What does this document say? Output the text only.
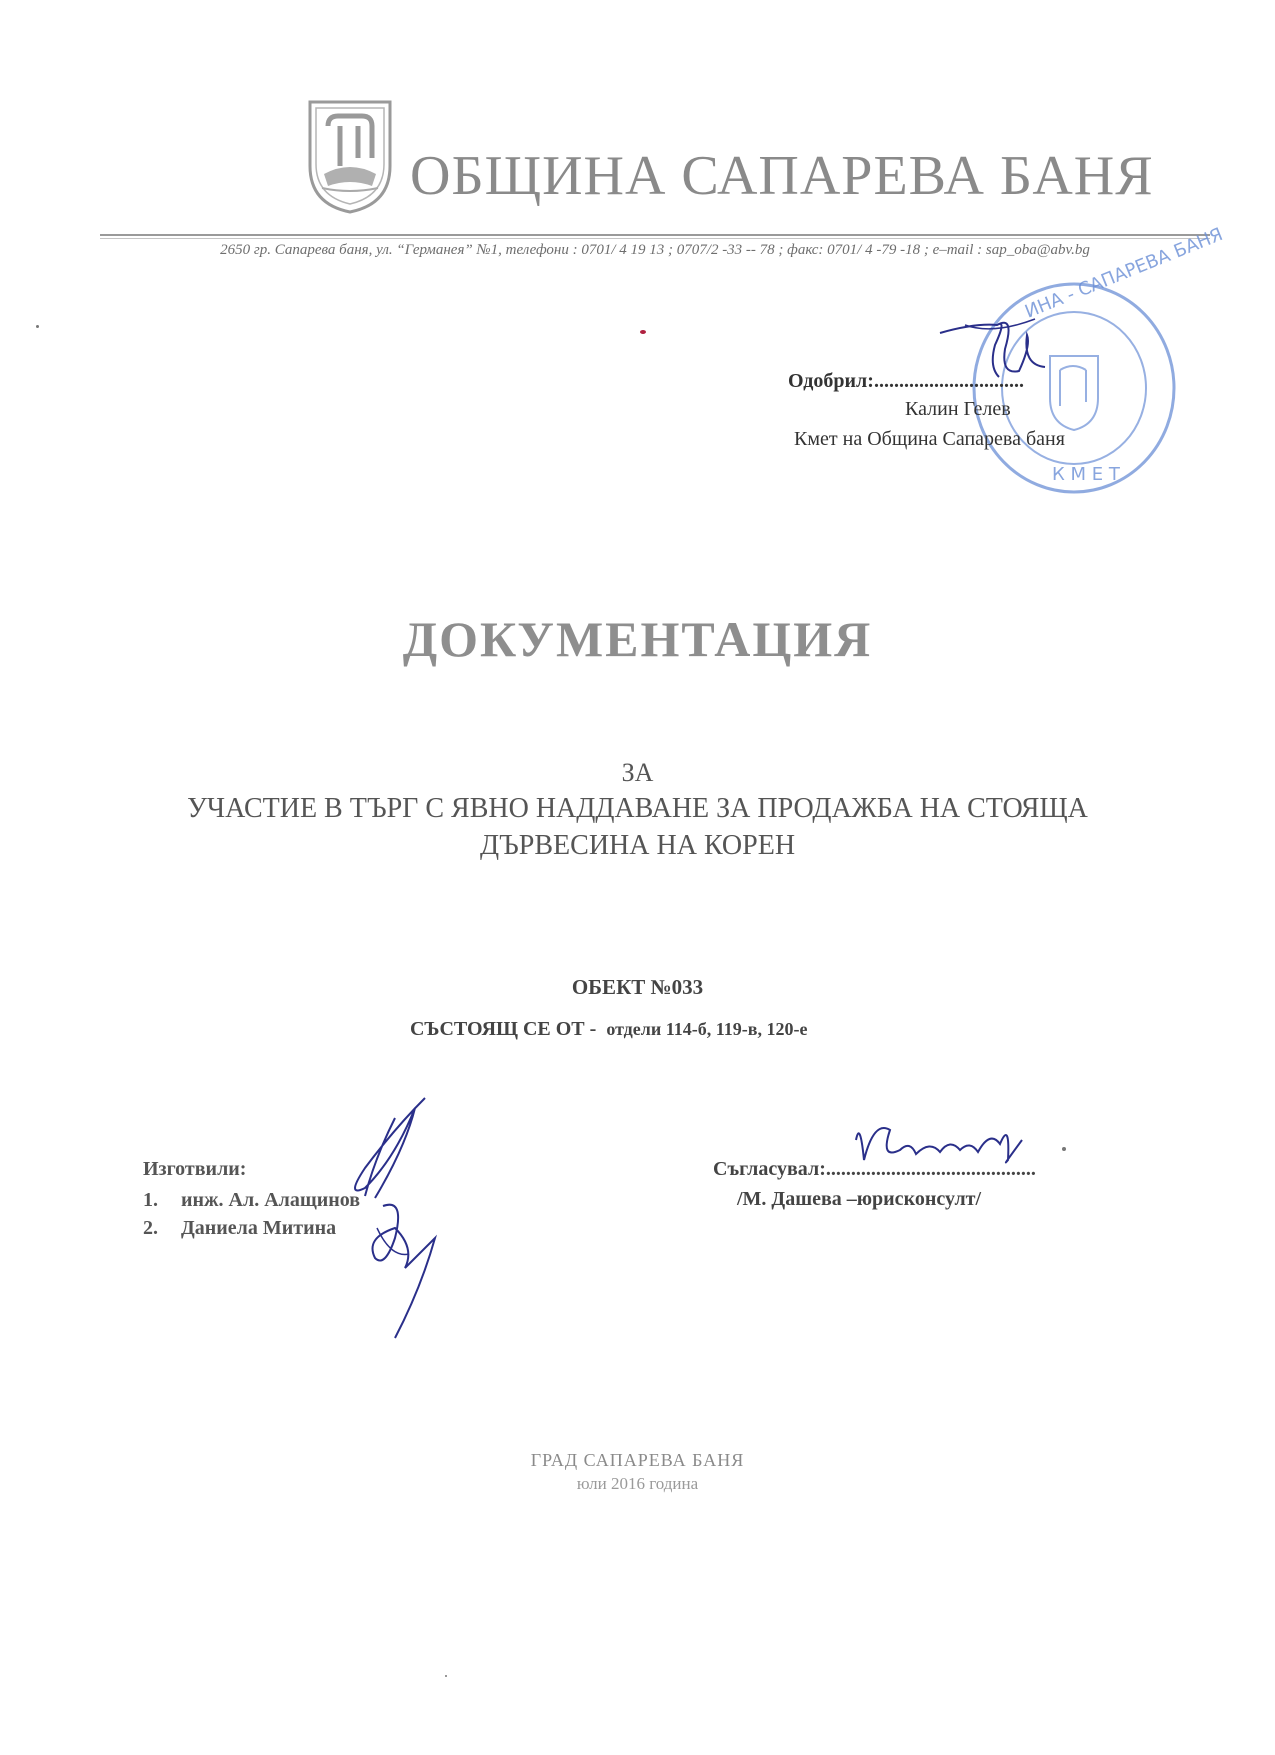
ОБЩИНА САПАРЕВА БАНЯ
2650 гр. Сапарева баня, ул. “Германея” №1, телефони : 0701/ 4 19 13 ; 0707/2 -33 -- 78 ; факс: 0701/ 4 -79 -18 ; e–mail : sap_oba@abv.bg
ИНА - САПАРЕВА БАНЯ
К М Е Т
Одобрил:..............................
Калин Гелев
Кмет на Община Сапарева баня
ДОКУМЕНТАЦИЯ
ЗА
УЧАСТИЕ В ТЪРГ С ЯВНО НАДДАВАНЕ ЗА ПРОДАЖБА НА СТОЯЩА
ДЪРВЕСИНА НА КОРЕН
ОБЕКТ №033
СЪСТОЯЩ СЕ ОТ - отдели 114-б, 119-в, 120-е
Изготвили:
1. инж. Ал. Алащинов
2. Даниела Митина
Съгласувал:..........................................
/М. Дашева –юрисконсулт/
ГРАД САПАРЕВА БАНЯ
юли 2016 година
